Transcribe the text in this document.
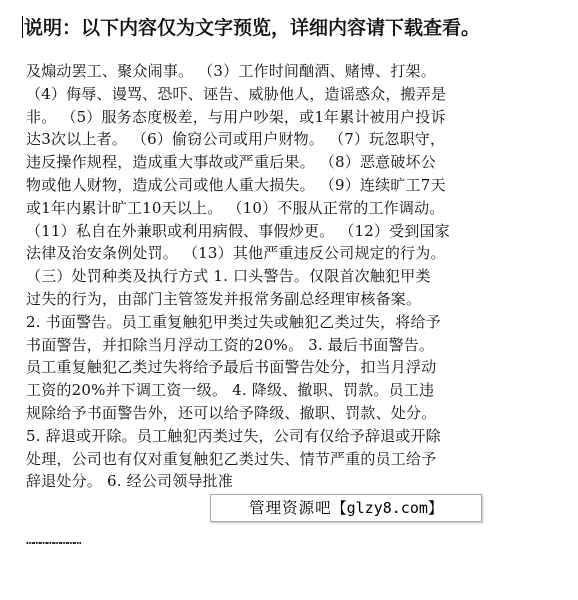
说明：以下内容仅为文字预览，详细内容请下载查看。
及煽动罢工、聚众闹事。 （3）工作时间酗酒、赌博、打架。
（4）侮辱、谩骂、恐吓、诬告、威胁他人，造谣惑众，搬弄是
非。 （5）服务态度极差，与用户吵架，或1年累计被用户投诉
达3次以上者。 （6）偷窃公司或用户财物。 （7）玩忽职守，
违反操作规程，造成重大事故或严重后果。 （8）恶意破坏公
物或他人财物，造成公司或他人重大损失。 （9）连续旷工7天
或1年内累计旷工10天以上。 （10）不服从正常的工作调动。
（11）私自在外兼职或利用病假、事假炒更。 （12）受到国家
法律及治安条例处罚。 （13）其他严重违反公司规定的行为。
（三）处罚种类及执行方式 1. 口头警告。仅限首次触犯甲类
过失的行为，由部门主管签发并报常务副总经理审核备案。
2. 书面警告。员工重复触犯甲类过失或触犯乙类过失，将给予
书面警告，并扣除当月浮动工资的20%。 3. 最后书面警告。
员工重复触犯乙类过失将给予最后书面警告处分，扣当月浮动
工资的20%并下调工资一级。 4. 降级、撤职、罚款。员工违
规除给予书面警告外，还可以给予降级、撤职、罚款、处分。
5. 辞退或开除。员工触犯丙类过失，公司有仅给予辞退或开除
处理，公司也有仅对重复触犯乙类过失、情节严重的员工给予
辞退处分。 6. 经公司领导批准
……………………
管理资源吧【glzy8.com】
